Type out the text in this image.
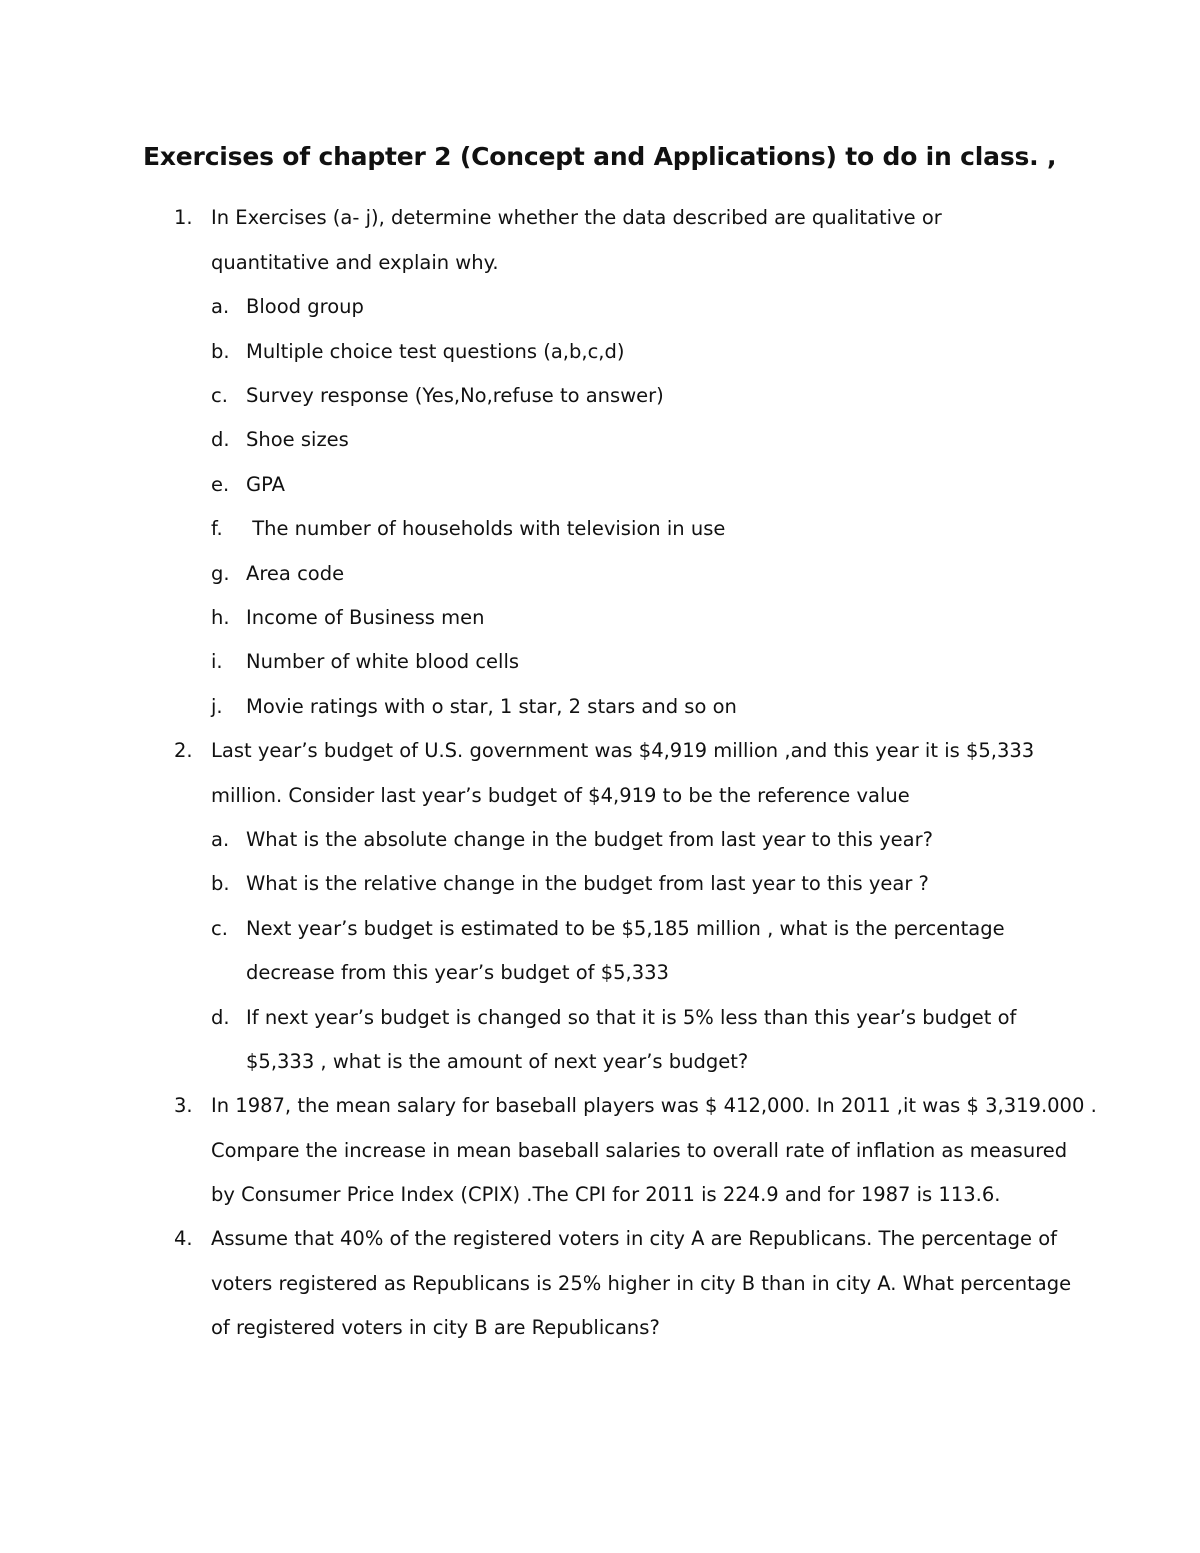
Exercises of chapter 2 (Concept and Applications) to do in class. ,
1. In Exercises (a- j), determine whether the data described are qualitative or
quantitative and explain why.
a. Blood group
b. Multiple choice test questions (a,b,c,d)
c. Survey response (Yes,No,refuse to answer)
d. Shoe sizes
e. GPA
f. The number of households with television in use
g. Area code
h. Income of Business men
i. Number of white blood cells
j. Movie ratings with o star, 1 star, 2 stars and so on
2. Last year’s budget of U.S. government was $4,919 million ,and this year it is $5,333
million. Consider last year’s budget of $4,919 to be the reference value
a. What is the absolute change in the budget from last year to this year?
b. What is the relative change in the budget from last year to this year ?
c. Next year’s budget is estimated to be $5,185 million , what is the percentage
decrease from this year’s budget of $5,333
d. If next year’s budget is changed so that it is 5% less than this year’s budget of
$5,333 , what is the amount of next year’s budget?
3. In 1987, the mean salary for baseball players was $ 412,000. In 2011 ,it was $ 3,319.000 .
Compare the increase in mean baseball salaries to overall rate of inflation as measured
by Consumer Price Index (CPIX) .The CPI for 2011 is 224.9 and for 1987 is 113.6.
4. Assume that 40% of the registered voters in city A are Republicans. The percentage of
voters registered as Republicans is 25% higher in city B than in city A. What percentage
of registered voters in city B are Republicans?
